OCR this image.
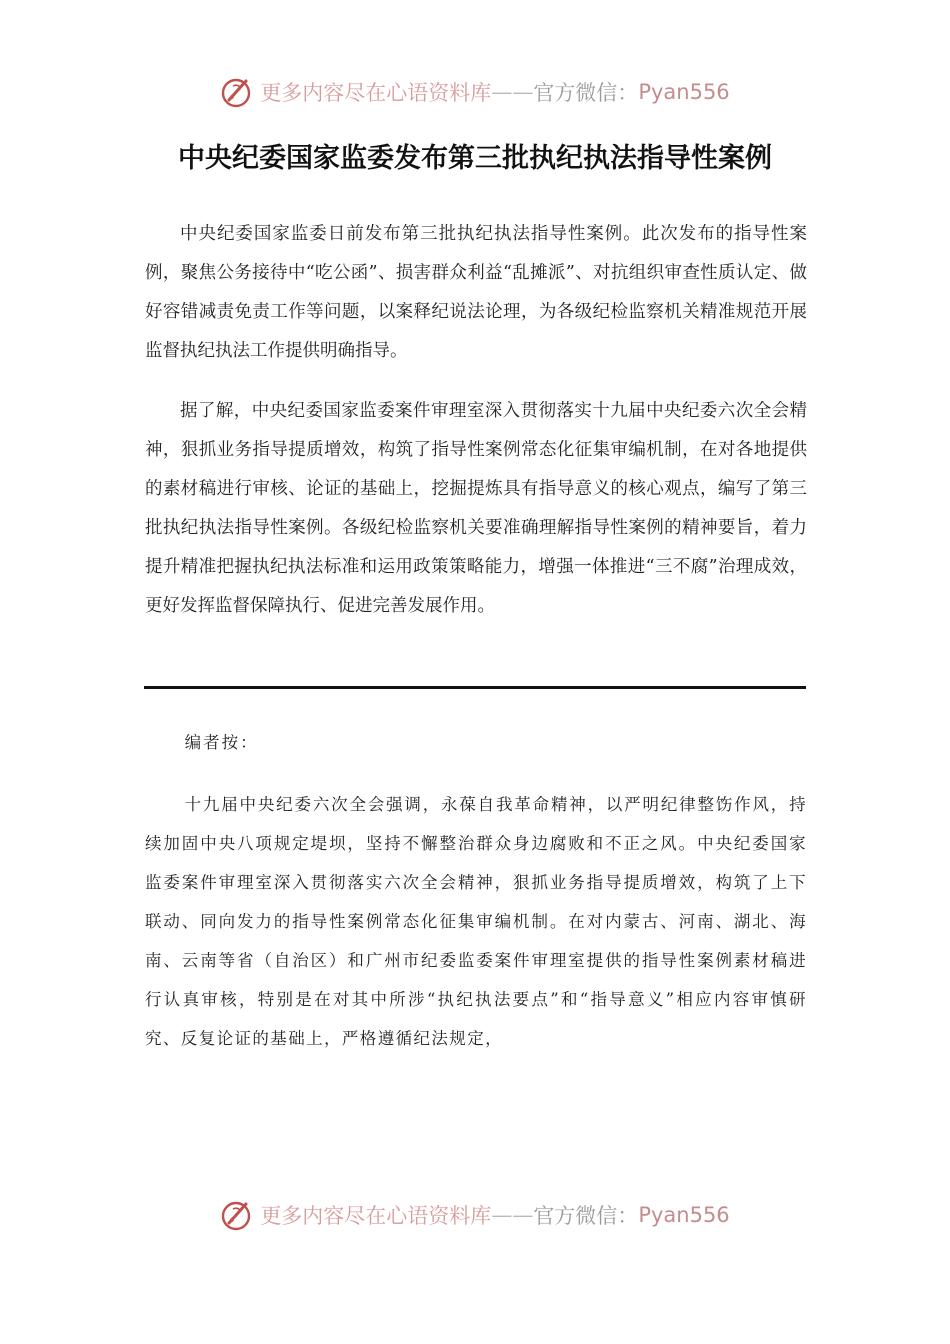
更多内容尽在心语资料库 —— 官方微信： Pyan556
中央纪委国家监委发布第三批执纪执法指导性案例

中央纪委国家监委日前发布第三批执纪执法指导性案例。此次发布的指导性案例，聚焦公务接待中“吃公函”、损害群众利益“乱摊派”、对抗组织审查性质认定、做好容错减责免责工作等问题，以案释纪说法论理，为各级纪检监察机关精准规范开展监督执纪执法工作提供明确指导。

据了解，中央纪委国家监委案件审理室深入贯彻落实十九届中央纪委六次全会精神，狠抓业务指导提质增效，构筑了指导性案例常态化征集审编机制，在对各地提供的素材稿进行审核、论证的基础上，挖掘提炼具有指导意义的核心观点，编写了第三批执纪执法指导性案例。各级纪检监察机关要准确理解指导性案例的精神要旨，着力提升精准把握执纪执法标准和运用政策策略能力，增强一体推进“三不腐”治理成效，更好发挥监督保障执行、促进完善发展作用。

编者按：

十九届中央纪委六次全会强调，永葆自我革命精神，以严明纪律整饬作风，持续加固中央八项规定堤坝，坚持不懈整治群众身边腐败和不正之风。中央纪委国家监委案件审理室深入贯彻落实六次全会精神，狠抓业务指导提质增效，构筑了上下联动、同向发力的指导性案例常态化征集审编机制。在对内蒙古、河南、湖北、海南、云南等省（自治区）和广州市纪委监委案件审理室提供的指导性案例素材稿进行认真审核，特别是在对其中所涉“执纪执法要点”和“指导意义”相应内容审慎研究、反复论证的基础上，严格遵循纪法规定，

更多内容尽在心语资料库 —— 官方微信： Pyan556
